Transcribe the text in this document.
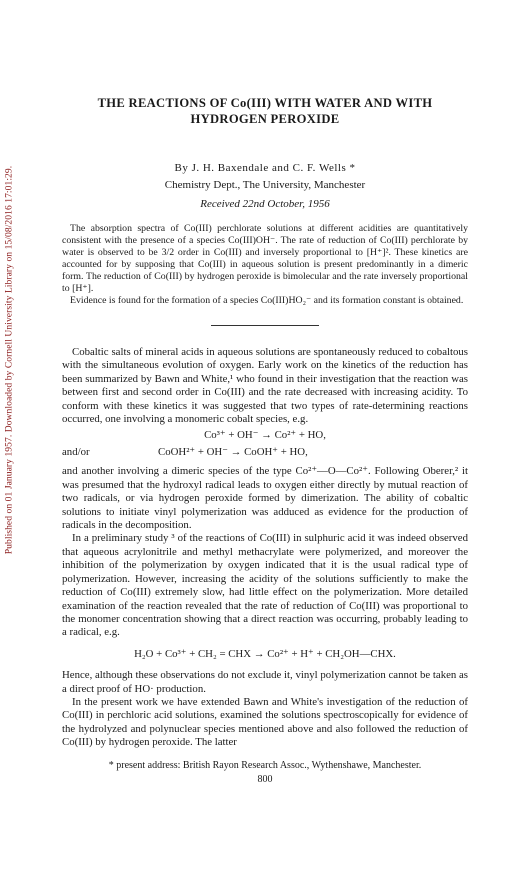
Published on 01 January 1957. Downloaded by Cornell University Library on 15/08/2016 17:01:29.
THE REACTIONS OF Co(III) WITH WATER AND WITH
HYDROGEN PEROXIDE
By J. H. Baxendale and C. F. Wells *
Chemistry Dept., The University, Manchester
Received 22nd October, 1956

The absorption spectra of Co(III) perchlorate solutions at different acidities are quantitatively consistent with the presence of a species Co(III)OH⁻. The rate of reduction of Co(III) perchlorate by water is observed to be 3/2 order in Co(III) and inversely proportional to [H⁺]². These kinetics are accounted for by supposing that Co(III) in aqueous solution is present predominantly in a dimeric form. The reduction of Co(III) by hydrogen peroxide is bimolecular and the rate inversely proportional to [H⁺].

Evidence is found for the formation of a species Co(III)HO₂⁻ and its formation constant is obtained.

Cobaltic salts of mineral acids in aqueous solutions are spontaneously reduced to cobaltous with the simultaneous evolution of oxygen. Early work on the kinetics of the reduction has been summarized by Bawn and White,¹ who found in their investigation that the reaction was between first and second order in Co(III) and the rate decreased with increasing acidity. To conform with these kinetics it was suggested that two types of rate-determining reactions occurred, one involving a monomeric cobalt species, e.g.

Co³⁺ + OH⁻ → Co²⁺ + HO,
and/or	CoOH²⁺ + OH⁻ → CoOH⁺ + HO,

and another involving a dimeric species of the type Co²⁺—O—Co²⁺. Following Oberer,² it was presumed that the hydroxyl radical leads to oxygen either directly by mutual reaction of two radicals, or via hydrogen peroxide formed by dimerization. The ability of cobaltic solutions to initiate vinyl polymerization was adduced as evidence for the production of radicals in the decomposition.

In a preliminary study ³ of the reactions of Co(III) in sulphuric acid it was indeed observed that aqueous acrylonitrile and methyl methacrylate were polymerized, and moreover the inhibition of the polymerization by oxygen indicated that it is the usual radical type of polymerization. However, increasing the acidity of the solutions sufficiently to make the reduction of Co(III) extremely slow, had little effect on the polymerization. More detailed examination of the reaction revealed that the rate of reduction of Co(III) was proportional to the monomer concentration showing that a direct reaction was occurring, probably leading to a radical, e.g.

H₂O + Co³⁺ + CH₂ = CHX → Co²⁺ + H⁺ + CH₂OH—CHX.

Hence, although these observations do not exclude it, vinyl polymerization cannot be taken as a direct proof of HO· production.

In the present work we have extended Bawn and White's investigation of the reduction of Co(III) in perchloric acid solutions, examined the solutions spectroscopically for evidence of the hydrolyzed and polynuclear species mentioned above and also followed the reduction of Co(III) by hydrogen peroxide. The latter

* present address: British Rayon Research Assoc., Wythenshawe, Manchester.
800
